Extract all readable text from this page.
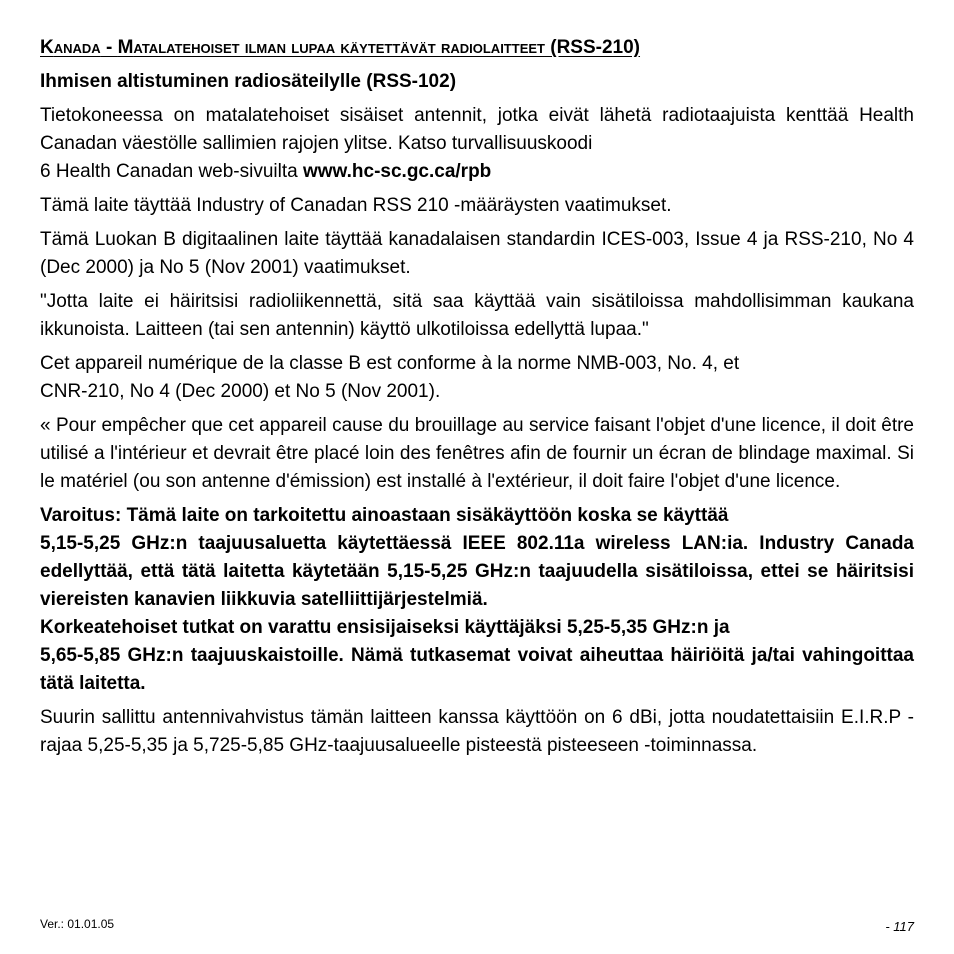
Kanada - Matalatehoiset ilman lupaa käytettävät radiolaitteet (RSS-210)
Ihmisen altistuminen radiosäteilylle (RSS-102)

Tietokoneessa on matalatehoiset sisäiset antennit, jotka eivät lähetä radiotaajuista kenttää Health Canadan väestölle sallimien rajojen ylitse. Katso turvallisuuskoodi
6 Health Canadan web-sivuilta www.hc-sc.gc.ca/rpb

Tämä laite täyttää Industry of Canadan RSS 210 -määräysten vaatimukset.

Tämä Luokan B digitaalinen laite täyttää kanadalaisen standardin ICES-003, Issue 4 ja RSS-210, No 4 (Dec 2000) ja No 5 (Nov 2001) vaatimukset.

"Jotta laite ei häiritsisi radioliikennettä, sitä saa käyttää vain sisätiloissa mahdollisimman kaukana ikkunoista. Laitteen (tai sen antennin) käyttö ulkotiloissa edellyttä lupaa."

Cet appareil numérique de la classe B est conforme à la norme NMB-003, No. 4, et
CNR-210, No 4 (Dec 2000) et No 5 (Nov 2001).

« Pour empêcher que cet appareil cause du brouillage au service faisant l'objet d'une licence, il doit être utilisé a l'intérieur et devrait être placé loin des fenêtres afin de fournir un écran de blindage maximal. Si le matériel (ou son antenne d'émission) est installé à l'extérieur, il doit faire l'objet d'une licence.

Varoitus: Tämä laite on tarkoitettu ainoastaan sisäkäyttöön koska se käyttää
5,15-5,25 GHz:n taajuusaluetta käytettäessä IEEE 802.11a wireless LAN:ia. Industry Canada edellyttää, että tätä laitetta käytetään 5,15-5,25 GHz:n taajuudella sisätiloissa, ettei se häiritsisi viereisten kanavien liikkuvia satelliittijärjestelmiä.
Korkeatehoiset tutkat on varattu ensisijaiseksi käyttäjäksi 5,25-5,35 GHz:n ja
5,65-5,85 GHz:n taajuuskaistoille. Nämä tutkasemat voivat aiheuttaa häiriöitä ja/tai vahingoittaa tätä laitetta.

Suurin sallittu antennivahvistus tämän laitteen kanssa käyttöön on 6 dBi, jotta noudatettaisiin E.I.R.P -rajaa 5,25-5,35 ja 5,725-5,85 GHz-taajuusalueelle pisteestä pisteeseen -toiminnassa.

Ver.: 01.01.05	- 117
